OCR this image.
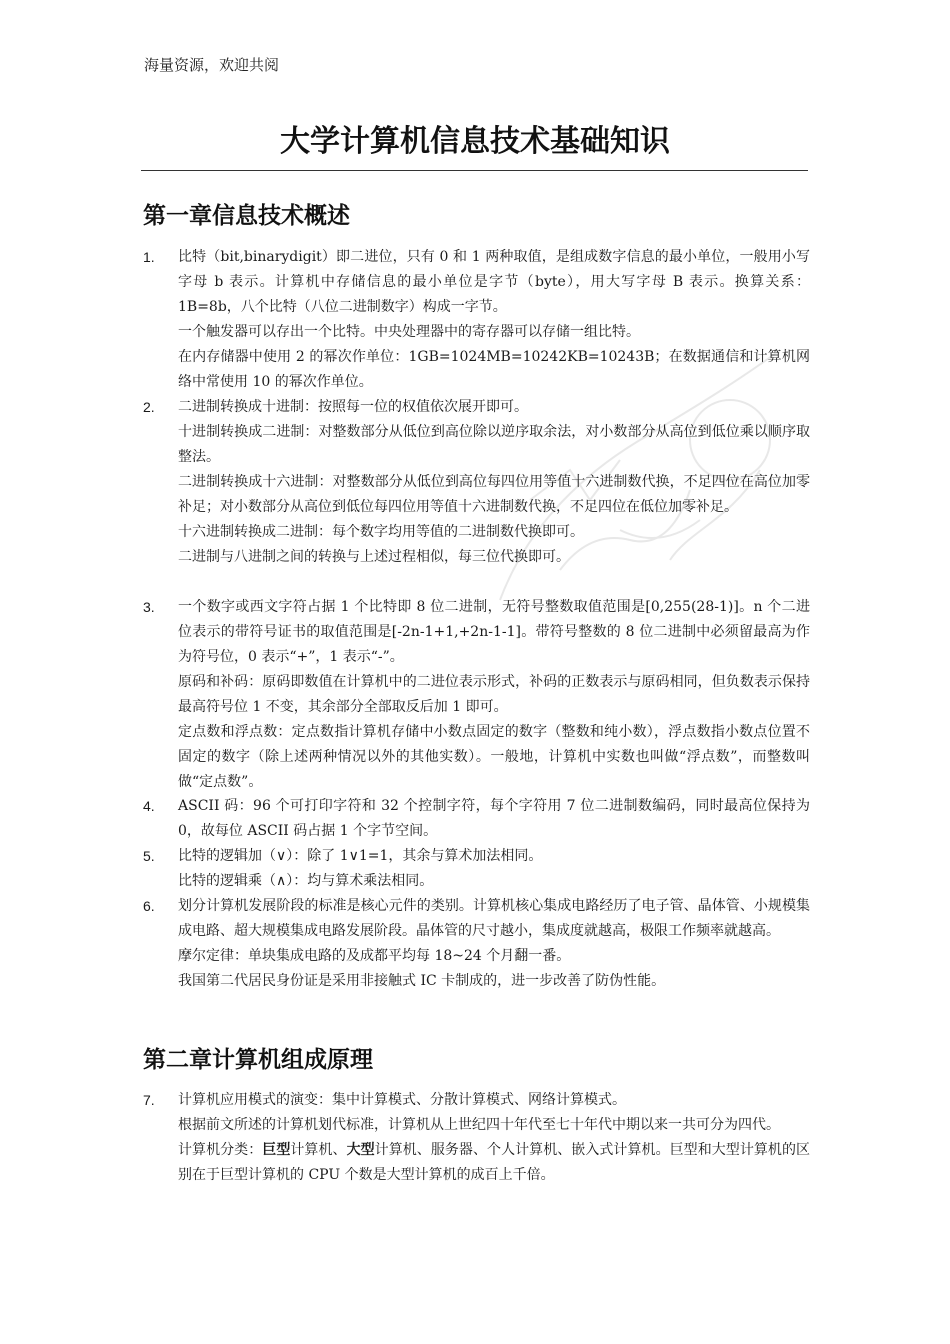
海量资源，欢迎共阅
大学计算机信息技术基础知识
第一章信息技术概述
1. 比特（bit,binarydigit）即二进位，只有 0 和 1 两种取值，是组成数字信息的最小单位，一般用小写字母 b 表示。计算机中存储信息的最小单位是字节（byte），用大写字母 B 表示。换算关系：1B=8b，八个比特（八位二进制数字）构成一字节。

一个触发器可以存出一个比特。中央处理器中的寄存器可以存储一组比特。

在内存储器中使用 2 的幂次作单位：1GB=1024MB=10242KB=10243B；在数据通信和计算机网络中常使用 10 的幂次作单位。

2. 二进制转换成十进制：按照每一位的权值依次展开即可。

十进制转换成二进制：对整数部分从低位到高位除以逆序取余法，对小数部分从高位到低位乘以顺序取整法。

二进制转换成十六进制：对整数部分从低位到高位每四位用等值十六进制数代换，不足四位在高位加零补足；对小数部分从高位到低位每四位用等值十六进制数代换，不足四位在低位加零补足。

十六进制转换成二进制：每个数字均用等值的二进制数代换即可。

二进制与八进制之间的转换与上述过程相似，每三位代换即可。

3. 一个数字或西文字符占据 1 个比特即 8 位二进制，无符号整数取值范围是[0,255(28-1)]。n 个二进位表示的带符号证书的取值范围是[-2n-1+1,+2n-1-1]。带符号整数的 8 位二进制中必须留最高为作为符号位，0 表示“+”，1 表示“-”。

原码和补码：原码即数值在计算机中的二进位表示形式，补码的正数表示与原码相同，但负数表示保持最高符号位 1 不变，其余部分全部取反后加 1 即可。

定点数和浮点数：定点数指计算机存储中小数点固定的数字（整数和纯小数），浮点数指小数点位置不固定的数字（除上述两种情况以外的其他实数）。一般地，计算机中实数也叫做“浮点数”，而整数叫做“定点数”。

4. ASCII 码：96 个可打印字符和 32 个控制字符，每个字符用 7 位二进制数编码，同时最高位保持为 0，故每位 ASCII 码占据 1 个字节空间。

5. 比特的逻辑加（∨）：除了 1∨1=1，其余与算术加法相同。

比特的逻辑乘（∧）：均与算术乘法相同。

6. 划分计算机发展阶段的标准是核心元件的类别。计算机核心集成电路经历了电子管、晶体管、小规模集成电路、超大规模集成电路发展阶段。晶体管的尺寸越小，集成度就越高，极限工作频率就越高。

摩尔定律：单块集成电路的及成都平均每 18~24 个月翻一番。

我国第二代居民身份证是采用非接触式 IC 卡制成的，进一步改善了防伪性能。

第二章计算机组成原理
7. 计算机应用模式的演变：集中计算模式、分散计算模式、网络计算模式。

根据前文所述的计算机划代标准，计算机从上世纪四十年代至七十年代中期以来一共可分为四代。

计算机分类：巨型计算机、大型计算机、服务器、个人计算机、嵌入式计算机。巨型和大型计算机的区别在于巨型计算机的 CPU 个数是大型计算机的成百上千倍。
